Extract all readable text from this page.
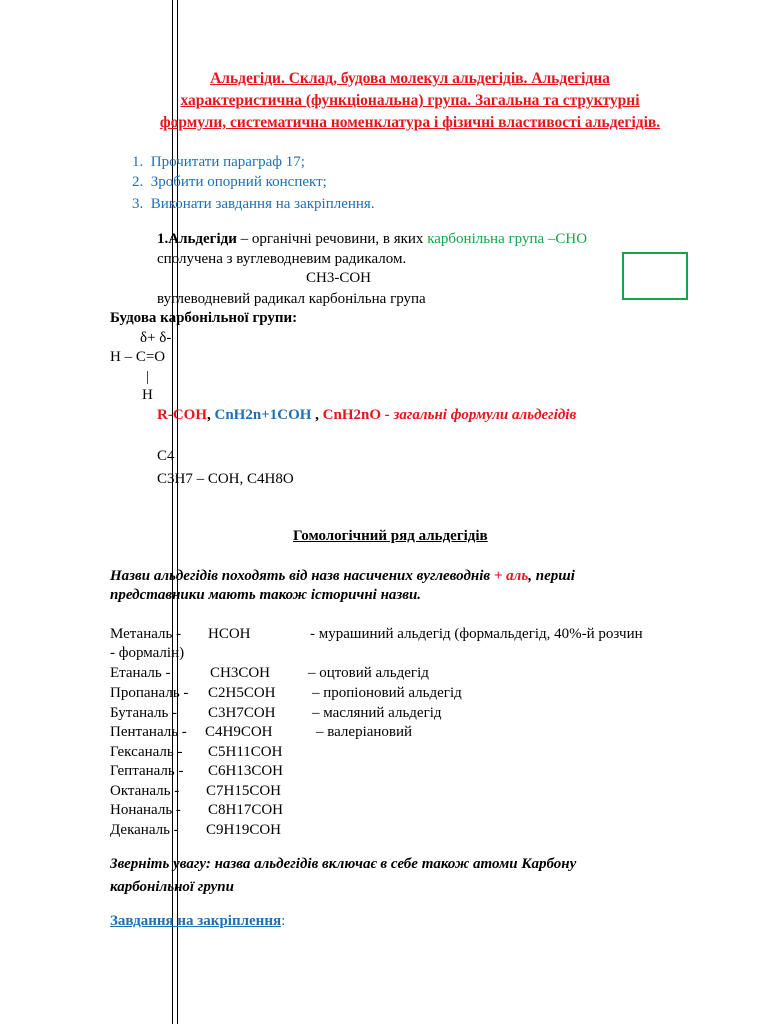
Альдегіди. Склад, будова молекул альдегідів. Альдегідна
характеристична (функціональна) група. Загальна та структурні
формули, систематична номенклатура і фізичні властивості альдегідів.
1. Прочитати параграф 17;
2. Зробити опорний конспект;
3. Виконати завдання на закріплення.
1.Альдегіди – органічні речовини, в яких карбонільна група –СНО
сполучена з вуглеводневим радикалом.
СН3-СОН
вуглеводневий радикал карбонільна група
Будова карбонільної групи:
δ+ δ-
Н – С=О
|
Н
R-COH, CnH2n+1COH , CnH2nO - загальні формули альдегідів
С4
С3Н7 – СОН, С4Н8О
Гомологічний ряд альдегідів
Назви альдегідів походять від назв насичених вуглеводнів + аль, перші
представники мають також історичні назви.
Метаналь - НСОН	- мурашиний альдегід (формальдегід, 40%-й розчин
- формалін)
Етаналь -	СН3СОН	– оцтовий альдегід
Пропаналь - С2Н5СОН – пропіоновий альдегід
Бутаналь - С3Н7СОН – масляний альдегід
Пентаналь - С4Н9СОН	– валеріановий
Гексаналь - С5Н11СОН
Гептаналь - С6Н13СОН
Октаналь - С7Н15СОН
Нонаналь - С8Н17СОН
Деканаль - С9Н19СОН
Зверніть увагу: назва альдегідів включає в себе також атоми Карбону
карбонільної групи
Завдання на закріплення:
